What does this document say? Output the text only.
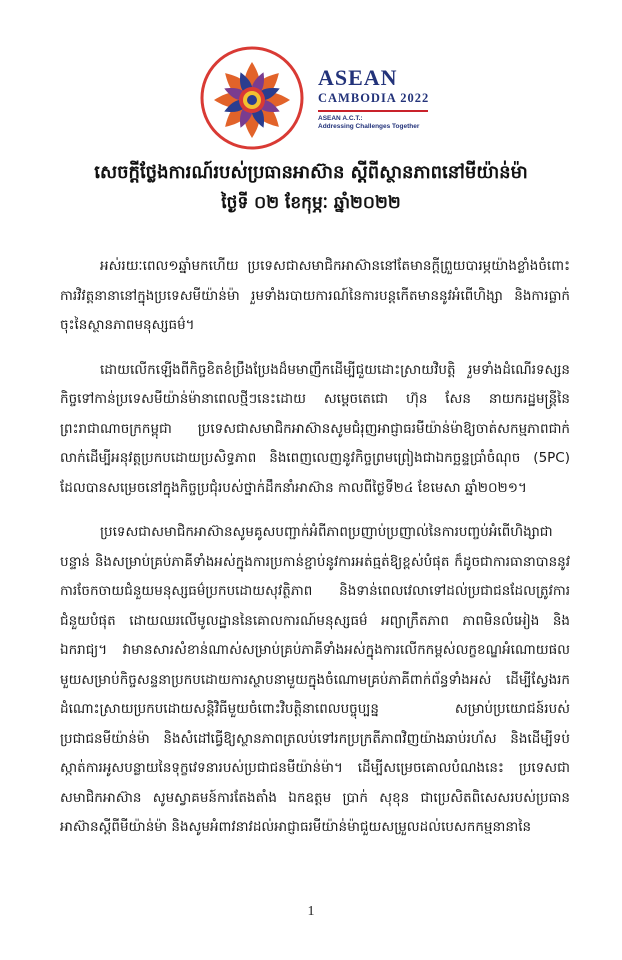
ASEAN
CAMBODIA 2022
ASEAN A.C.T.:
Addressing Challenges Together
សេចក្តីថ្លែងការណ៍របស់ប្រធានអាស៊ាន ស្តីពីស្ថានភាពនៅមីយ៉ាន់ម៉ា
ថ្ងៃទី ០២ ខែកុម្ភៈ ឆ្នាំ២០២២

អស់រយៈពេល១ឆ្នាំមកហើយ ប្រទេសជាសមាជិកអាស៊ាននៅតែមានក្តីព្រួយបារម្ភយ៉ាងខ្លាំងចំពោះការវិវត្តនានានៅក្នុងប្រទេសមីយ៉ាន់ម៉ា រួមទាំងរបាយការណ៍នៃការបន្តកើតមាននូវអំពើហិង្សា និងការធ្លាក់ចុះនៃស្ថានភាពមនុស្សធម៌។

ដោយលើកឡើងពីកិច្ចខិតខំប្រឹងប្រែងដ៏មមាញឹកដើម្បីជួយដោះស្រាយវិបត្តិ រួមទាំងដំណើរទស្សនកិច្ចទៅកាន់ប្រទេសមីយ៉ាន់ម៉ានាពេលថ្មីៗនេះដោយ សម្តេចតេជោ ហ៊ុន សែន នាយករដ្ឋមន្ត្រីនៃព្រះរាជាណាចក្រកម្ពុជា ប្រទេសជាសមាជិកអាស៊ានសូមជំរុញអាជ្ញាធរមីយ៉ាន់ម៉ាឱ្យចាត់សកម្មភាពជាក់លាក់ដើម្បីអនុវត្តប្រកបដោយប្រសិទ្ធភាព និងពេញលេញនូវកិច្ចព្រមព្រៀងជាឯកច្ឆន្ទប្រាំចំណុច (5PC) ដែលបានសម្រេចនៅក្នុងកិច្ចប្រជុំរបស់ថ្នាក់ដឹកនាំអាស៊ាន កាលពីថ្ងៃទី២៤ ខែមេសា ឆ្នាំ២០២១។

ប្រទេសជាសមាជិកអាស៊ានសូមគូសបញ្ជាក់អំពីភាពប្រញាប់ប្រញាល់នៃការបញ្ចប់អំពើហិង្សាជាបន្ទាន់ និងសម្រាប់គ្រប់ភាគីទាំងអស់ក្នុងការប្រកាន់ខ្ជាប់នូវការអត់ធ្មត់ឱ្យខ្ពស់បំផុត ក៏ដូចជាការធានាបាននូវការចែកចាយជំនួយមនុស្សធម៌ប្រកបដោយសុវត្ថិភាព និងទាន់ពេលវេលាទៅដល់ប្រជាជនដែលត្រូវការជំនួយបំផុត ដោយឈរលើមូលដ្ឋាននៃគោលការណ៍មនុស្សធម៌ អព្យាក្រឹតភាព ភាពមិនលំអៀង និងឯករាជ្យ។ វាមានសារសំខាន់ណាស់សម្រាប់គ្រប់ភាគីទាំងអស់ក្នុងការលើកកម្ពស់លក្ខខណ្ឌអំណោយផលមួយសម្រាប់កិច្ចសន្ទនាប្រកបដោយការស្ថាបនាមួយក្នុងចំណោមគ្រប់ភាគីពាក់ព័ន្ធទាំងអស់ ដើម្បីស្វែងរកដំណោះស្រាយប្រកបដោយសន្តិវិធីមួយចំពោះវិបត្តិនាពេលបច្ចុប្បន្ន សម្រាប់ប្រយោជន៍របស់ប្រជាជនមីយ៉ាន់ម៉ា និងសំដៅធ្វើឱ្យស្ថានភាពត្រលប់ទៅរកប្រក្រតីភាពវិញយ៉ាងឆាប់រហ័ស និងដើម្បីទប់ស្កាត់ការអូសបន្លាយនៃទុក្ខវេទនារបស់ប្រជាជនមីយ៉ាន់ម៉ា។ ដើម្បីសម្រេចគោលបំណងនេះ ប្រទេសជាសមាជិកអាស៊ាន សូមស្វាគមន៍ការតែងតាំង ឯកឧត្តម ប្រាក់ សុខុន ជាប្រេសិតពិសេសរបស់ប្រធានអាស៊ានស្តីពីមីយ៉ាន់ម៉ា និងសូមអំពាវនាវដល់អាជ្ញាធរមីយ៉ាន់ម៉ាជួយសម្រួលដល់បេសកកម្មនានានៃ

1
